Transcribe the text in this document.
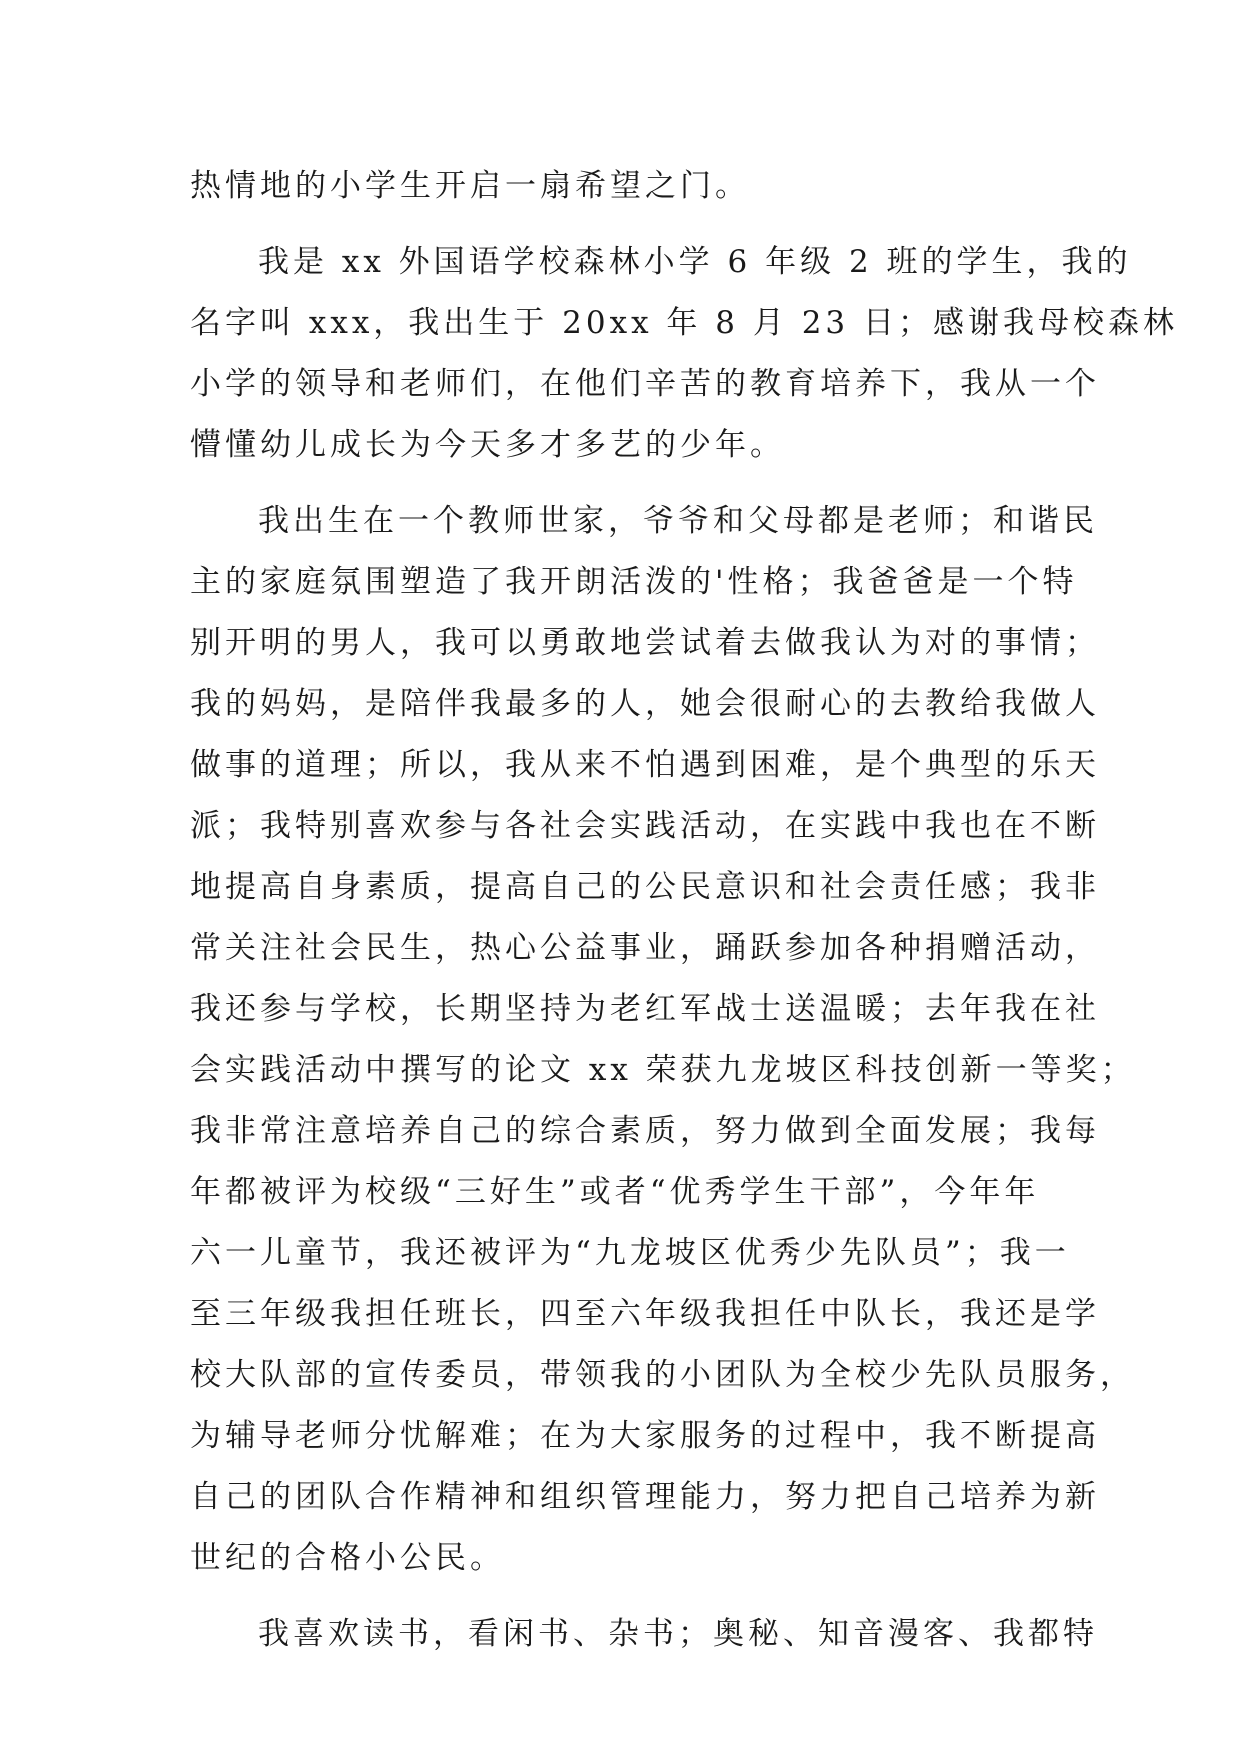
热情地的小学生开启一扇希望之门。
我是 xx 外国语学校森林小学 6 年级 2 班的学生，我的
名字叫 xxx，我出生于 20xx 年 8 月 23 日；感谢我母校森林
小学的领导和老师们，在他们辛苦的教育培养下，我从一个
懵懂幼儿成长为今天多才多艺的少年。
我出生在一个教师世家，爷爷和父母都是老师；和谐民
主的家庭氛围塑造了我开朗活泼的'性格；我爸爸是一个特
别开明的男人，我可以勇敢地尝试着去做我认为对的事情；
我的妈妈，是陪伴我最多的人，她会很耐心的去教给我做人
做事的道理；所以，我从来不怕遇到困难，是个典型的乐天
派；我特别喜欢参与各社会实践活动，在实践中我也在不断
地提高自身素质，提高自己的公民意识和社会责任感；我非
常关注社会民生，热心公益事业，踊跃参加各种捐赠活动，
我还参与学校，长期坚持为老红军战士送温暖；去年我在社
会实践活动中撰写的论文 xx 荣获九龙坡区科技创新一等奖；
我非常注意培养自己的综合素质，努力做到全面发展；我每
年都被评为校级“三好生”或者“优秀学生干部”，今年年
六一儿童节，我还被评为“九龙坡区优秀少先队员”；我一
至三年级我担任班长，四至六年级我担任中队长，我还是学
校大队部的宣传委员，带领我的小团队为全校少先队员服务，
为辅导老师分忧解难；在为大家服务的过程中，我不断提高
自己的团队合作精神和组织管理能力，努力把自己培养为新
世纪的合格小公民。
我喜欢读书，看闲书、杂书；奥秘、知音漫客、我都特
